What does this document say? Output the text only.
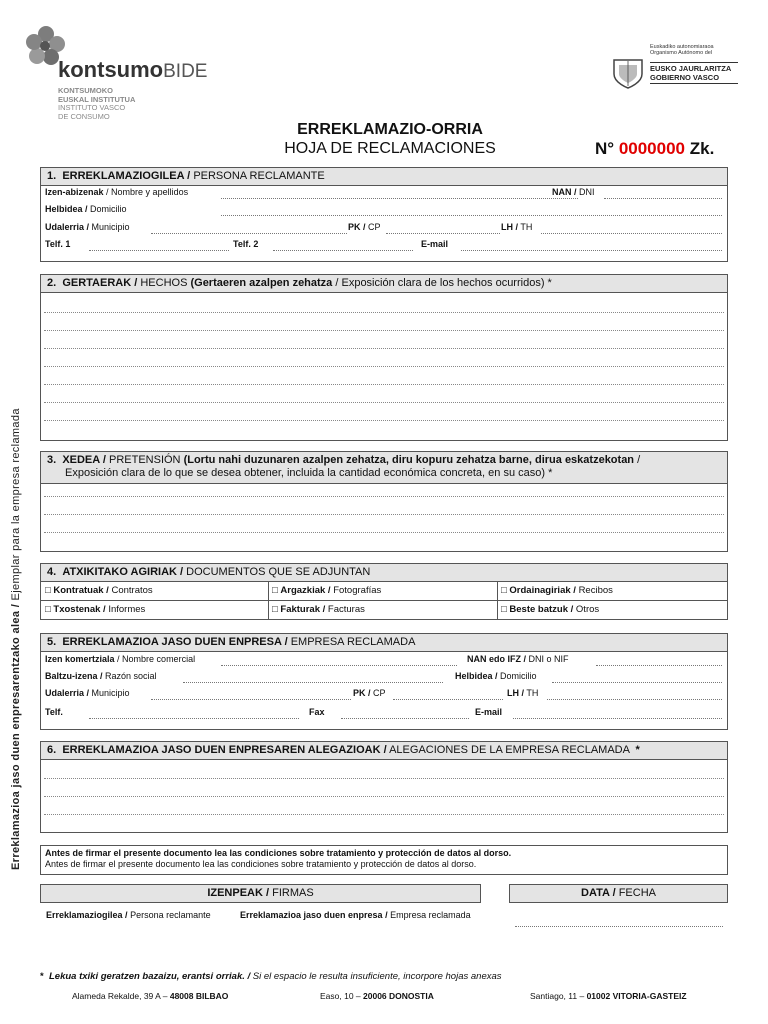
Erreklamazioa jaso duen enpresarentzako alea / Ejemplar para la empresa reclamada
kontsumoBIDE
KONTSUMOKO
EUSKAL INSTITUTUA
INSTITUTO VASCO
DE CONSUMO
Euskadiko autonomiaraoa
Organismo Autónomo del
EUSKO JAURLARITZA
GOBIERNO VASCO
ERREKLAMAZIO-ORRIA
HOJA DE RECLAMACIONES	N° 0000000 Zk.
1. ERREKLAMAZIOGILEA / PERSONA RECLAMANTE
Izen-abizenak / Nombre y apellidos	NAN / DNI
Helbidea / Domicilio
Udalerria / Municipio	PK / CP	LH / TH
Telf. 1	Telf. 2	E-mail
2. GERTAERAK / HECHOS (Gertaeren azalpen zehatza / Exposición clara de los hechos ocurridos) *
3. XEDEA / PRETENSIÓN (Lortu nahi duzunaren azalpen zehatza, diru kopuru zehatza barne, dirua eskatzekotan /
Exposición clara de lo que se desea obtener, incluida la cantidad económica concreta, en su caso) *
4. ATXIKITAKO AGIRIAK / DOCUMENTOS QUE SE ADJUNTAN
□ Kontratuak / Contratos	□ Argazkiak / Fotografías	□ Ordainagiriak / Recibos
□ Txostenak / Informes	□ Fakturak / Facturas	□ Beste batzuk / Otros
5. ERREKLAMAZIOA JASO DUEN ENPRESA / EMPRESA RECLAMADA
Izen komertziala / Nombre comercial	NAN edo IFZ / DNI o NIF
Baltzu-izena / Razón social	Helbidea / Domicilio
Udalerria / Municipio	PK / CP	LH / TH
Telf.	Fax	E-mail
6. ERREKLAMAZIOA JASO DUEN ENPRESAREN ALEGAZIOAK / ALEGACIONES DE LA EMPRESA RECLAMADA *
Antes de firmar el presente documento lea las condiciones sobre tratamiento y protección de datos al dorso.
Antes de firmar el presente documento lea las condiciones sobre tratamiento y protección de datos al dorso.
IZENPEAK / FIRMAS	DATA / FECHA
Erreklamaziogilea / Persona reclamante	Erreklamazioa jaso duen enpresa / Empresa reclamada
* Lekua txiki geratzen bazaizu, erantsi orriak. / Si el espacio le resulta insuficiente, incorpore hojas anexas
Alameda Rekalde, 39 A – 48008 BILBAO	Easo, 10 – 20006 DONOSTIA	Santiago, 11 – 01002 VITORIA-GASTEIZ
